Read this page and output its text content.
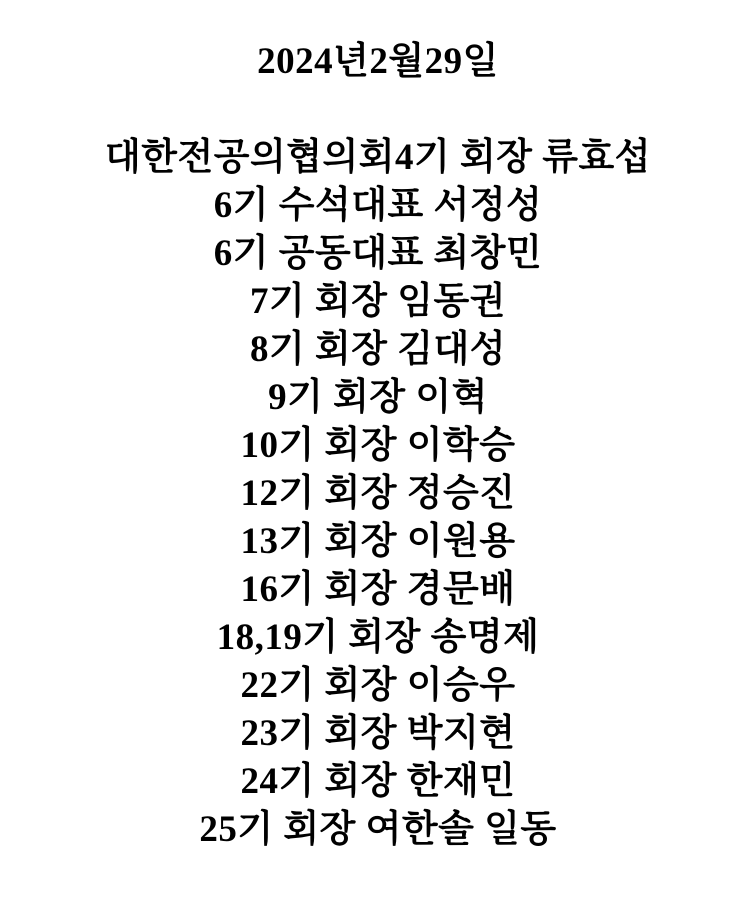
2024년2월29일

대한전공의협의회4기 회장 류효섭

6기 수석대표 서정성

6기 공동대표 최창민

7기 회장 임동권

8기 회장 김대성

9기 회장 이혁

10기 회장 이학승

12기 회장 정승진

13기 회장 이원용

16기 회장 경문배

18,19기 회장 송명제

22기 회장 이승우

23기 회장 박지현

24기 회장 한재민

25기 회장 여한솔 일동
